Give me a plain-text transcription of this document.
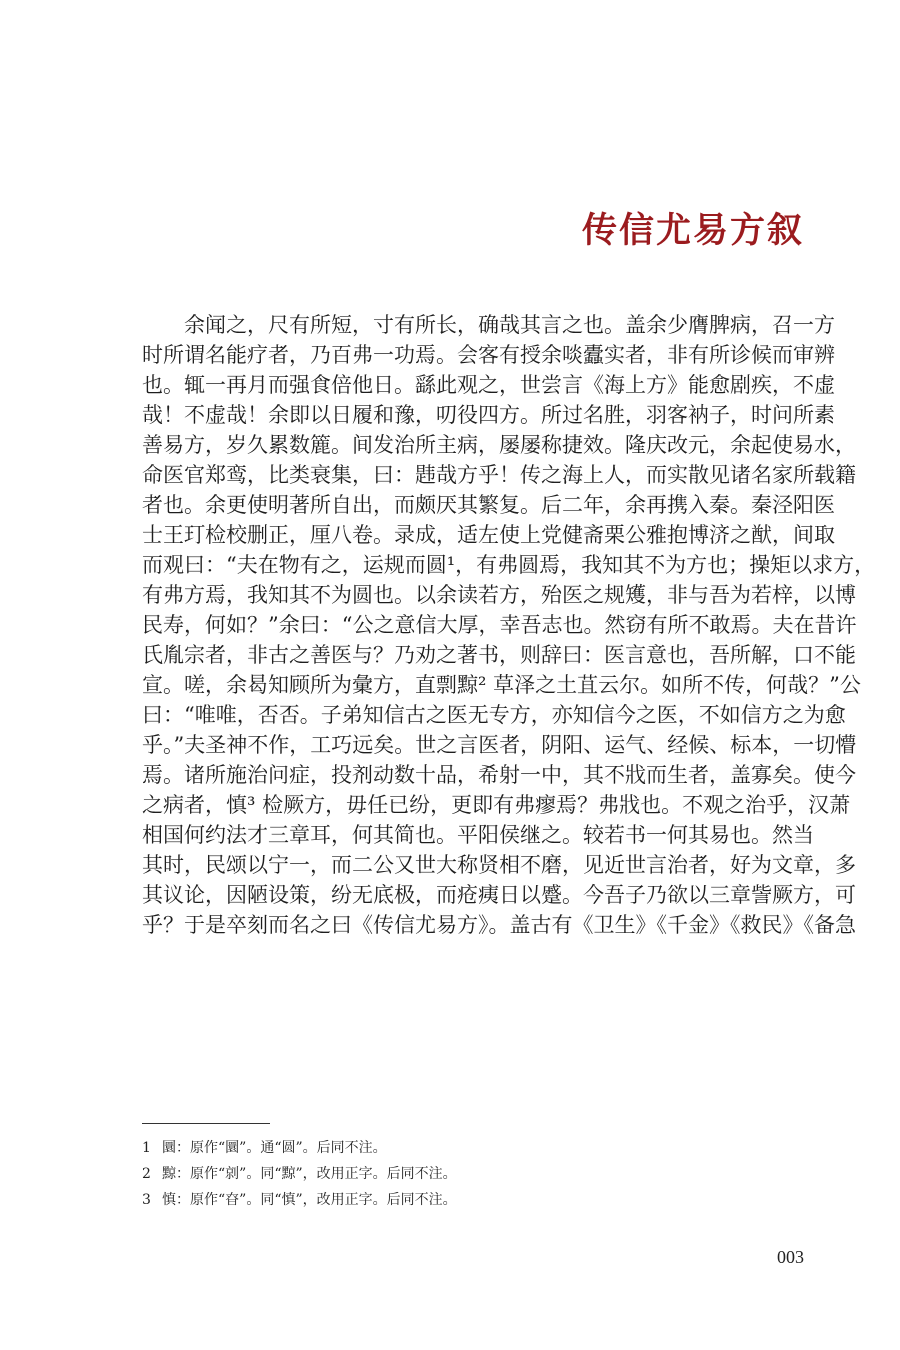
传信尤易方叙
余闻之，尺有所短，寸有所长，确哉其言之也。盖余少膺脾病，召一方
时所谓名能疗者，乃百弗一功焉。会客有授余啖蠹实者，非有所诊候而审辨
也。辄一再月而强食倍他日。繇此观之，世尝言《海上方》能愈剧疾，不虚
哉！不虚哉！余即以日履和豫，叨役四方。所过名胜，羽客衲子，时问所素
善易方，岁久累数簏。间发治所主病，屡屡称捷效。隆庆改元，余起使易水，
命医官郑鸾，比类衰集，曰：韪哉方乎！传之海上人，而实散见诸名家所载籍
者也。余更使明著所自出，而颇厌其繁复。后二年，余再携入秦。秦泾阳医
士王玎检校删正，厘八卷。录成，适左使上党健斋栗公雅抱博济之猷，间取
而观曰：“夫在物有之，运规而圆¹，有弗圆焉，我知其不为方也；操矩以求方，
有弗方焉，我知其不为圆也。以余读若方，殆医之规矱，非与吾为若梓，以博
民寿，何如？”余曰：“公之意信大厚，幸吾志也。然窃有所不敢焉。夫在昔许
氏胤宗者，非古之善医与？乃劝之著书，则辞曰：医言意也，吾所解，口不能
宣。嗟，余曷知顾所为彙方，直剽黥² 草泽之土苴云尔。如所不传，何哉？”公
曰：“唯唯，否否。子弟知信古之医无专方，亦知信今之医，不如信方之为愈
乎。”夫圣神不作，工巧远矣。世之言医者，阴阳、运气、经候、标本，一切懵
焉。诸所施治问症，投剂动数十品，希射一中，其不戕而生者，盖寡矣。使今
之病者，慎³ 检厥方，毋任已纷，更即有弗瘳焉？弗戕也。不观之治乎，汉萧
相国何约法才三章耳，何其简也。平阳侯继之。较若书一何其易也。然当
其时，民颂以宁一，而二公又世大称贤相不磨，见近世言治者，好为文章，多
其议论，因陋设策，纷无底极，而疮痍日以蹙。今吾子乃欲以三章訾厥方，可
乎？于是卒刻而名之曰《传信尤易方》。盖古有《卫生》《千金》《救民》《备急
1 圜：原作“圜”。通“圆”。后同不注。
2 黥：原作“剠”。同“黥”，改用正字。后同不注。
3 慎：原作“昚”。同“慎”，改用正字。后同不注。
003
